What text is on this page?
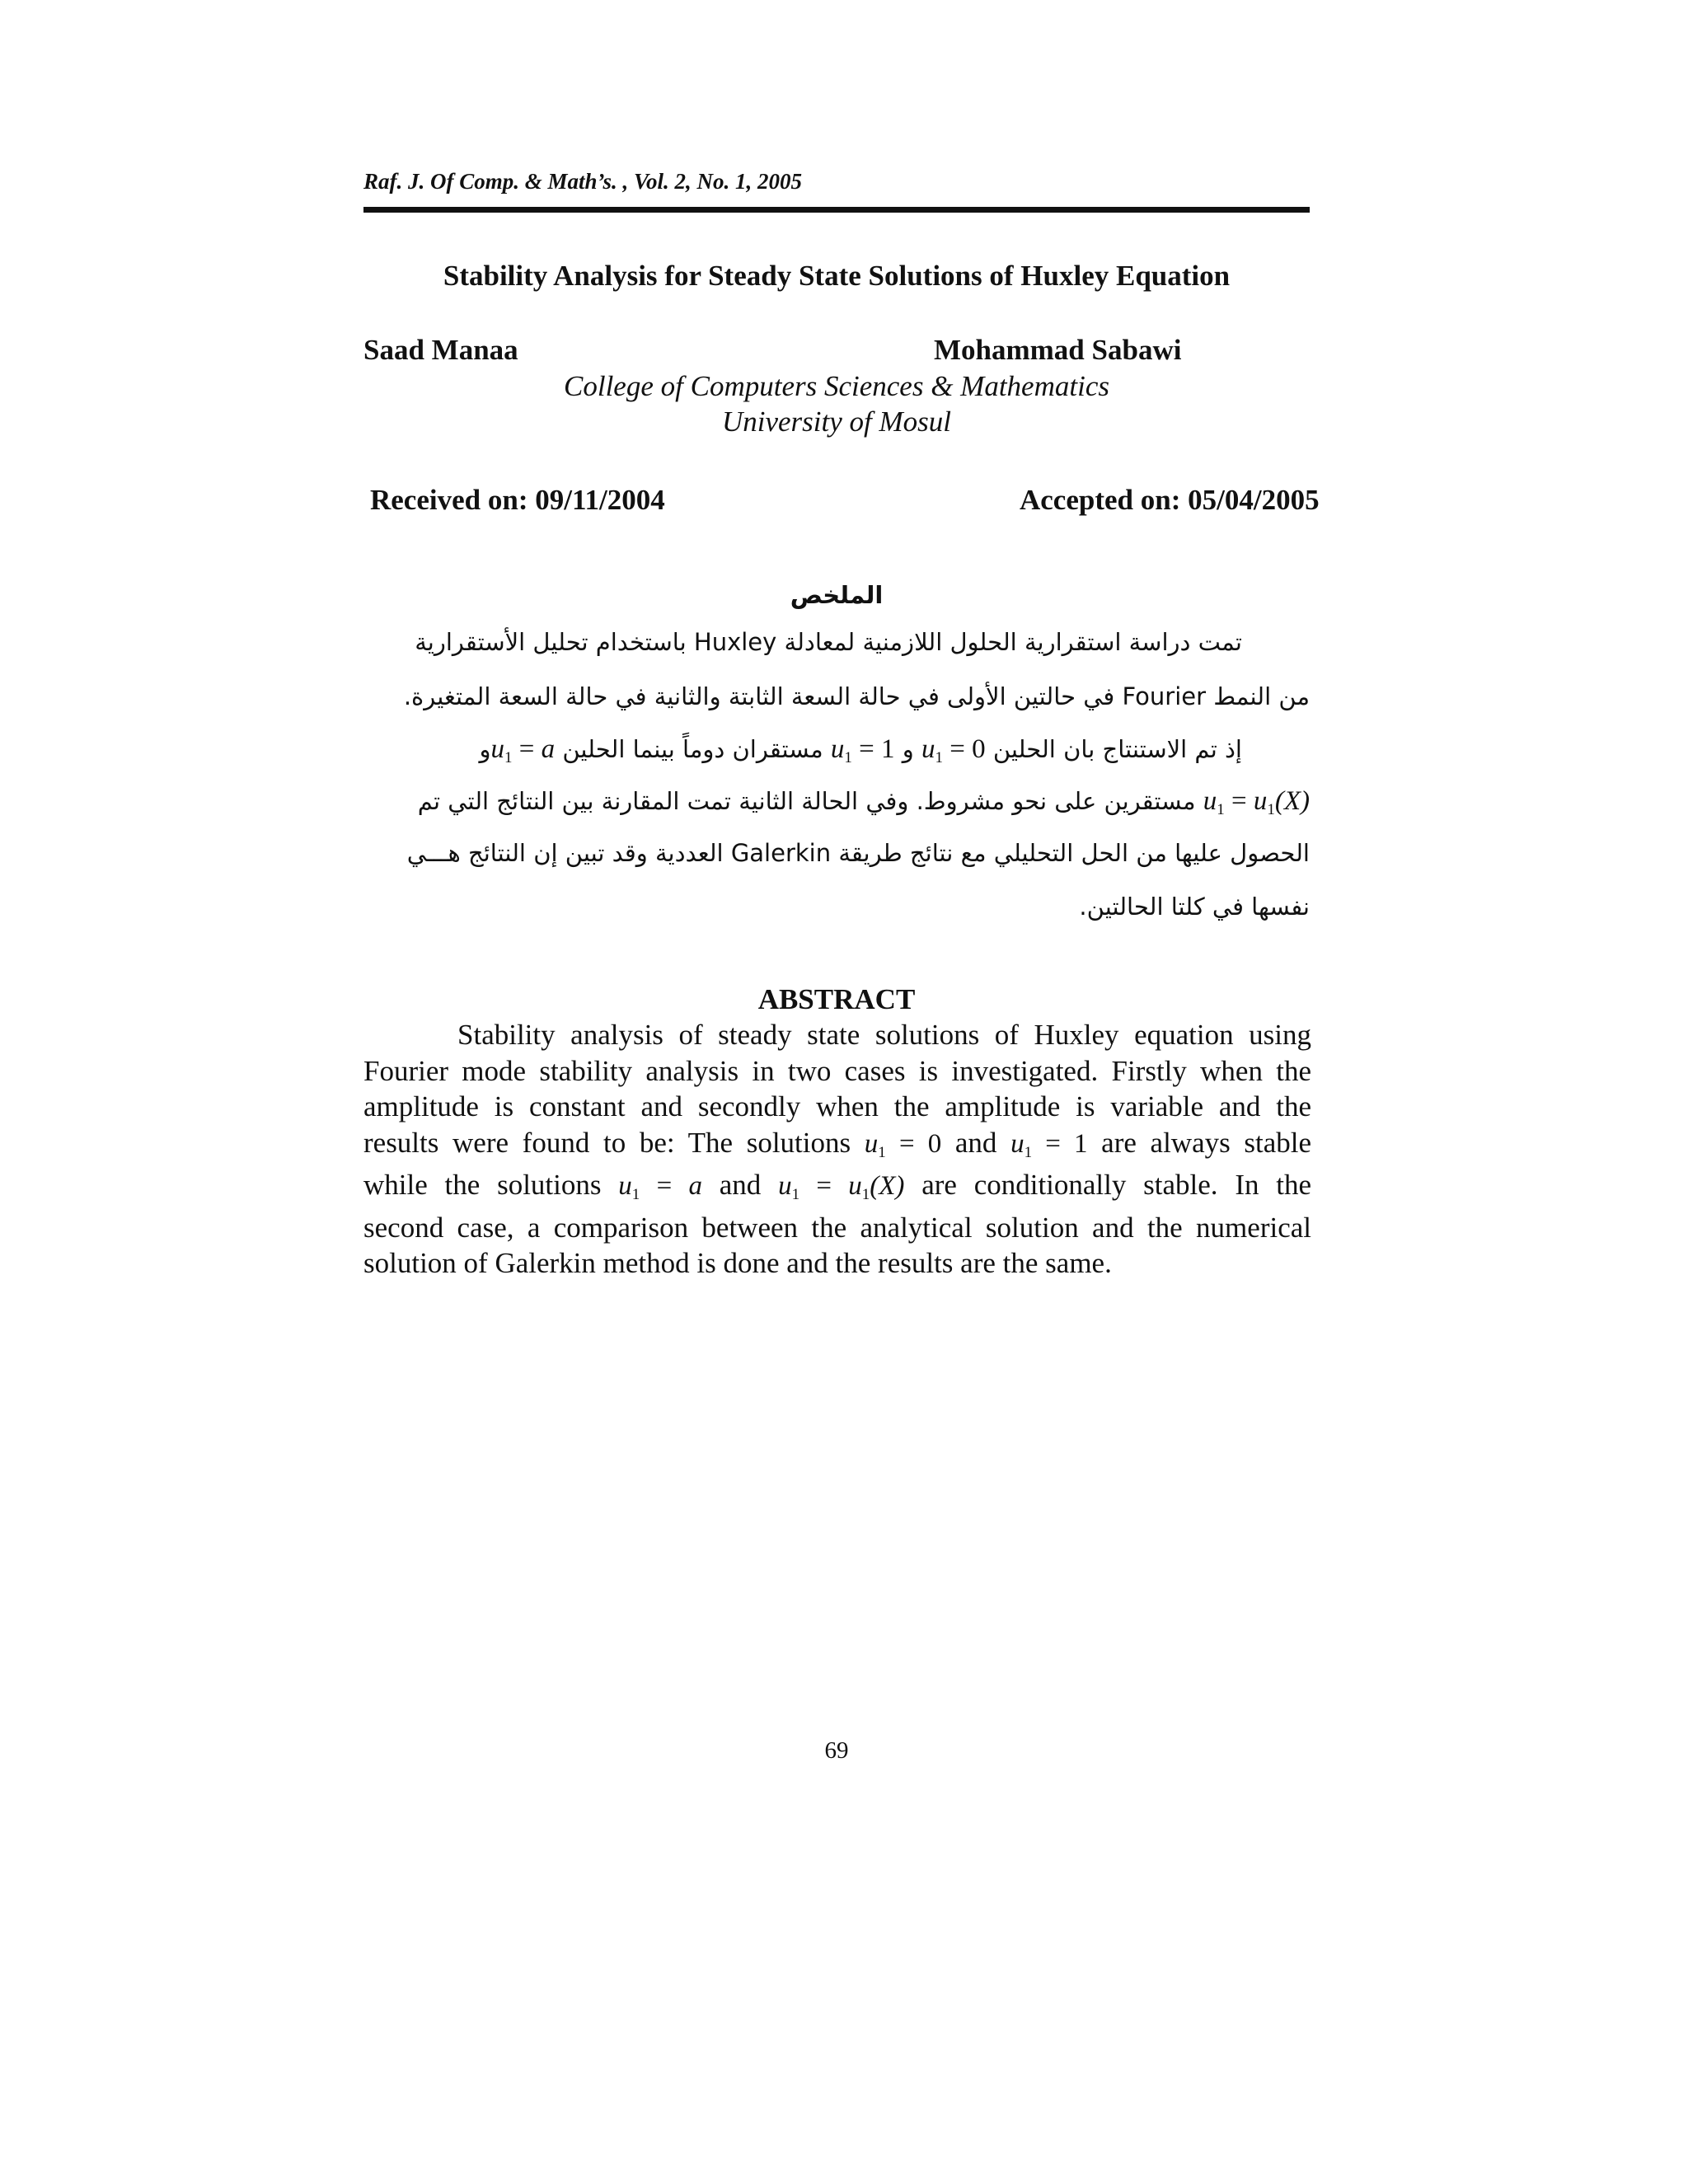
Raf. J. Of Comp. & Math’s. , Vol. 2, No. 1, 2005
Stability Analysis for Steady State Solutions of Huxley Equation
Saad Manaa	Mohammad Sabawi
College of Computers Sciences & Mathematics
University of Mosul
Received on: 09/11/2004	Accepted on: 05/04/2005
الملخص
تمت دراسة استقرارية الحلول اللازمنية لمعادلة Huxley باستخدام تحليل الأستقرارية
من النمط Fourier في حالتين الأولى في حالة السعة الثابتة والثانية في حالة السعة المتغيرة.
إذ تم الاستنتاج بان الحلين $u_1 = 0$ و $u_1 = 1$ مستقران دوماً بينما الحلين $u_1$ = aو
$u_1 = u_1(X)$ مستقرين على نحو مشروط. وفي الحالة الثانية تمت المقارنة بين النتائج التي تم
الحصول عليها من الحل التحليلي مع نتائج طريقة Galerkin العددية وقد تبين إن النتائج هـــي
نفسها في كلتا الحالتين.
ABSTRACT
Stability analysis of steady state solutions of Huxley equation using
Fourier mode stability analysis in two cases is investigated. Firstly when the
amplitude is constant and secondly when the amplitude is variable and the
results were found to be: The solutions $u_1 = 0$ and $u_1 = 1$ are always stable
while the solutions $u_1 = a$ and $u_1 = u_1(X)$ are conditionally stable. In the
second case, a comparison between the analytical solution and the numerical
solution of Galerkin method is done and the results are the same.
69
